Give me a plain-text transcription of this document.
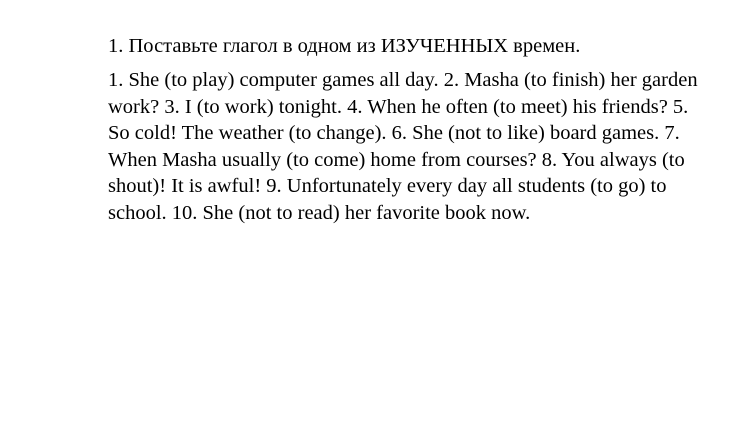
1. Поставьте глагол в одном из ИЗУЧЕННЫХ времен.

1. She (to play) computer games all day. 2. Masha (to finish) her garden work? 3. I (to work) tonight. 4. When he often (to meet) his friends? 5. So cold! The weather (to change). 6. She (not to like) board games. 7. When Masha usually (to come) home from courses? 8. You always (to shout)! It is awful! 9. Unfortunately every day all students (to go) to school. 10. She (not to read) her favorite book now.
